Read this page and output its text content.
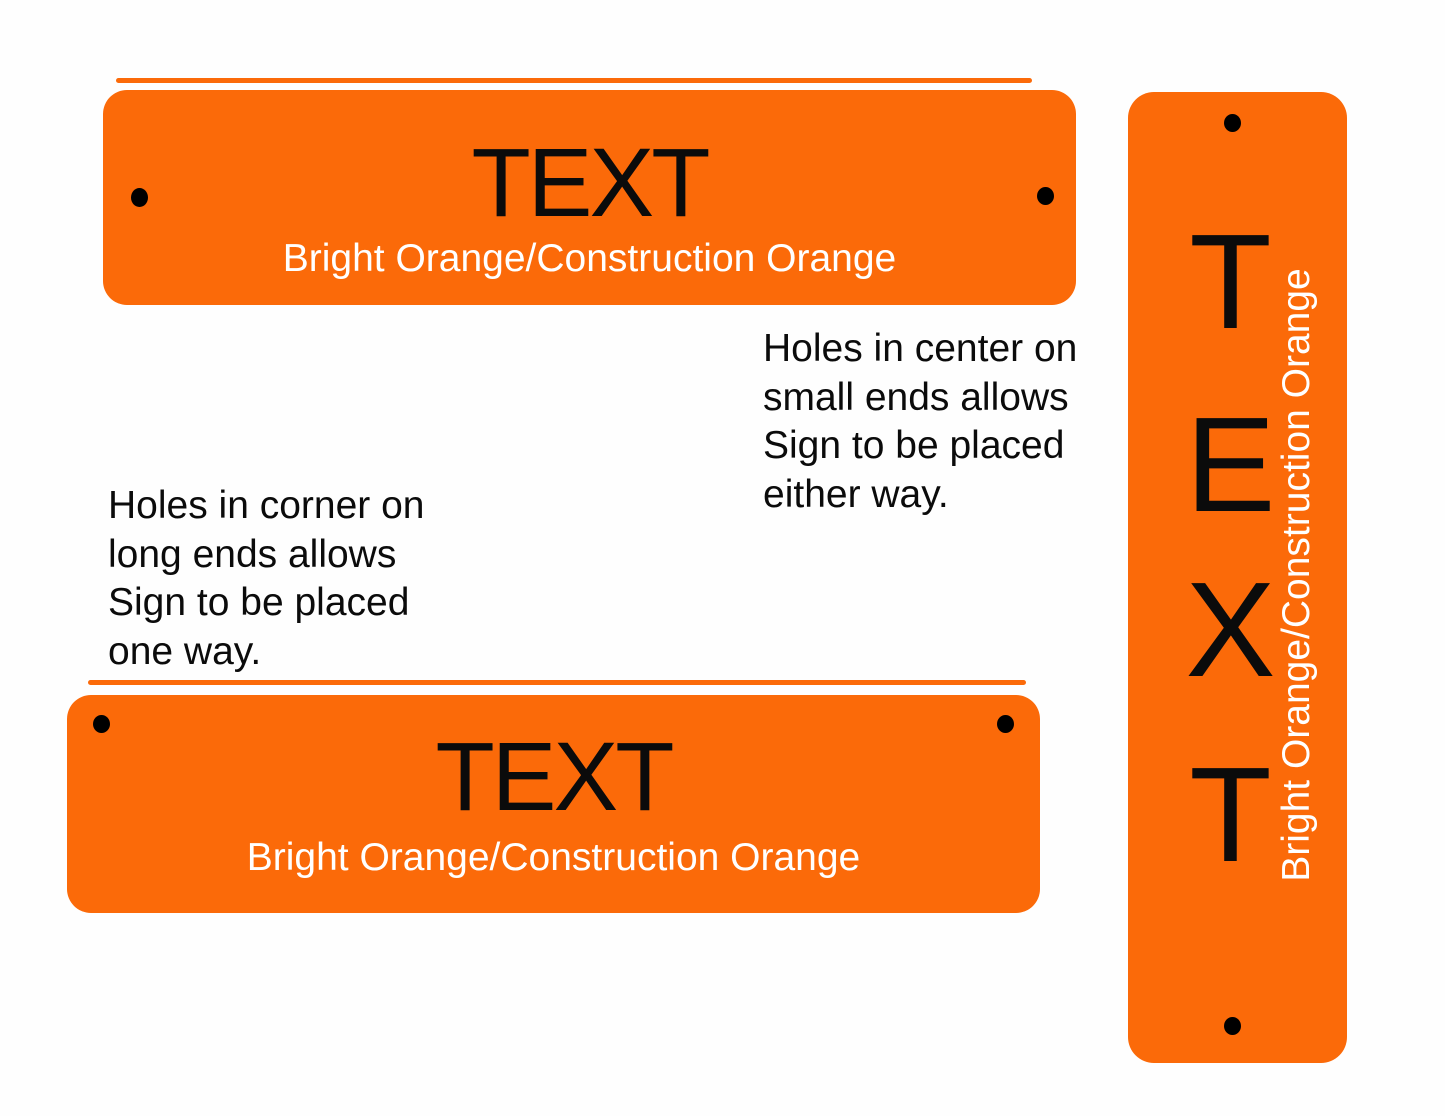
TEXT
Bright Orange/Construction Orange
TEXT
Bright Orange/Construction Orange
T
E
X
T Bright Orange/Construction Orange
Holes in center on
small ends allows
Sign to be placed
either way.
Holes in corner on
long ends allows
Sign to be placed
one way.
